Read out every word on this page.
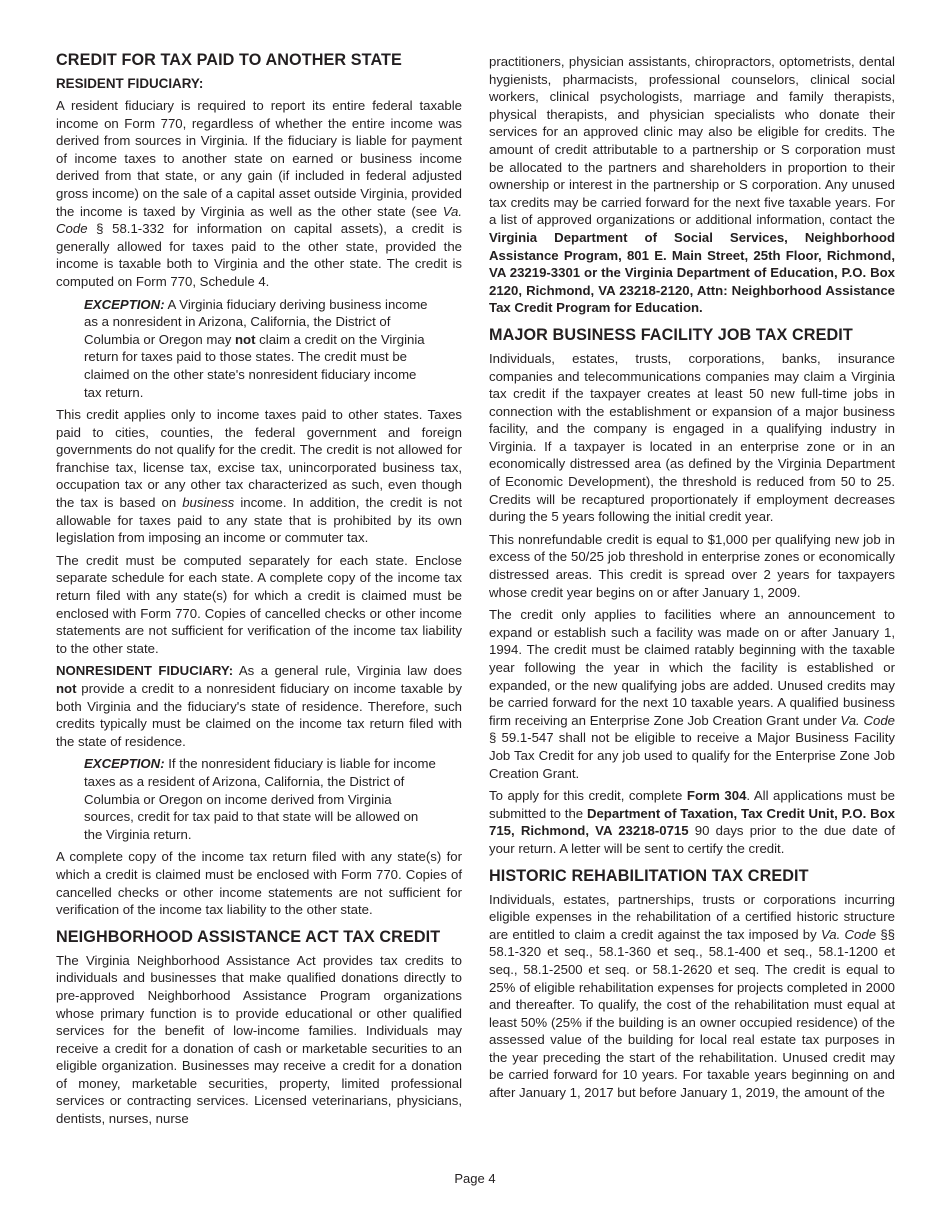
CREDIT FOR TAX PAID TO ANOTHER STATE
RESIDENT FIDUCIARY:

A resident fiduciary is required to report its entire federal taxable income on Form 770, regardless of whether the entire income was derived from sources in Virginia. If the fiduciary is liable for payment of income taxes to another state on earned or business income derived from that state, or any gain (if included in federal adjusted gross income) on the sale of a capital asset outside Virginia, provided the income is taxed by Virginia as well as the other state (see Va. Code § 58.1-332 for information on capital assets), a credit is generally allowed for taxes paid to the other state, provided the income is taxable both to Virginia and the other state. The credit is computed on Form 770, Schedule 4.

EXCEPTION: A Virginia fiduciary deriving business income as a nonresident in Arizona, California, the District of Columbia or Oregon may not claim a credit on the Virginia return for taxes paid to those states. The credit must be claimed on the other state's nonresident fiduciary income tax return.

This credit applies only to income taxes paid to other states. Taxes paid to cities, counties, the federal government and foreign governments do not qualify for the credit. The credit is not allowed for franchise tax, license tax, excise tax, unincorporated business tax, occupation tax or any other tax characterized as such, even though the tax is based on business income. In addition, the credit is not allowable for taxes paid to any state that is prohibited by its own legislation from imposing an income or commuter tax.

The credit must be computed separately for each state. Enclose separate schedule for each state. A complete copy of the income tax return filed with any state(s) for which a credit is claimed must be enclosed with Form 770. Copies of cancelled checks or other income statements are not sufficient for verification of the income tax liability to the other state.

NONRESIDENT FIDUCIARY: As a general rule, Virginia law does not provide a credit to a nonresident fiduciary on income taxable by both Virginia and the fiduciary's state of residence. Therefore, such credits typically must be claimed on the income tax return filed with the state of residence.

EXCEPTION: If the nonresident fiduciary is liable for income taxes as a resident of Arizona, California, the District of Columbia or Oregon on income derived from Virginia sources, credit for tax paid to that state will be allowed on the Virginia return.

A complete copy of the income tax return filed with any state(s) for which a credit is claimed must be enclosed with Form 770. Copies of cancelled checks or other income statements are not sufficient for verification of the income tax liability to the other state.

NEIGHBORHOOD ASSISTANCE ACT TAX CREDIT

The Virginia Neighborhood Assistance Act provides tax credits to individuals and businesses that make qualified donations directly to pre-approved Neighborhood Assistance Program organizations whose primary function is to provide educational or other qualified services for the benefit of low-income families. Individuals may receive a credit for a donation of cash or marketable securities to an eligible organization. Businesses may receive a credit for a donation of money, marketable securities, property, limited professional services or contracting services. Licensed veterinarians, physicians, dentists, nurses, nurse

practitioners, physician assistants, chiropractors, optometrists, dental hygienists, pharmacists, professional counselors, clinical social workers, clinical psychologists, marriage and family therapists, physical therapists, and physician specialists who donate their services for an approved clinic may also be eligible for credits. The amount of credit attributable to a partnership or S corporation must be allocated to the partners and shareholders in proportion to their ownership or interest in the partnership or S corporation. Any unused tax credits may be carried forward for the next five taxable years. For a list of approved organizations or additional information, contact the Virginia Department of Social Services, Neighborhood Assistance Program, 801 E. Main Street, 25th Floor, Richmond, VA 23219-3301 or the Virginia Department of Education, P.O. Box 2120, Richmond, VA 23218-2120, Attn: Neighborhood Assistance Tax Credit Program for Education.

MAJOR BUSINESS FACILITY JOB TAX CREDIT

Individuals, estates, trusts, corporations, banks, insurance companies and telecommunications companies may claim a Virginia tax credit if the taxpayer creates at least 50 new full-time jobs in connection with the establishment or expansion of a major business facility, and the company is engaged in a qualifying industry in Virginia. If a taxpayer is located in an enterprise zone or in an economically distressed area (as defined by the Virginia Department of Economic Development), the threshold is reduced from 50 to 25. Credits will be recaptured proportionately if employment decreases during the 5 years following the initial credit year.

This nonrefundable credit is equal to $1,000 per qualifying new job in excess of the 50/25 job threshold in enterprise zones or economically distressed areas. This credit is spread over 2 years for taxpayers whose credit year begins on or after January 1, 2009.

The credit only applies to facilities where an announcement to expand or establish such a facility was made on or after January 1, 1994. The credit must be claimed ratably beginning with the taxable year following the year in which the facility is established or expanded, or the new qualifying jobs are added. Unused credits may be carried forward for the next 10 taxable years. A qualified business firm receiving an Enterprise Zone Job Creation Grant under Va. Code § 59.1-547 shall not be eligible to receive a Major Business Facility Job Tax Credit for any job used to qualify for the Enterprise Zone Job Creation Grant.

To apply for this credit, complete Form 304. All applications must be submitted to the Department of Taxation, Tax Credit Unit, P.O. Box 715, Richmond, VA 23218-0715 90 days prior to the due date of your return. A letter will be sent to certify the credit.

HISTORIC REHABILITATION TAX CREDIT

Individuals, estates, partnerships, trusts or corporations incurring eligible expenses in the rehabilitation of a certified historic structure are entitled to claim a credit against the tax imposed by Va. Code §§ 58.1-320 et seq., 58.1-360 et seq., 58.1-400 et seq., 58.1-1200 et seq., 58.1-2500 et seq. or 58.1-2620 et seq. The credit is equal to 25% of eligible rehabilitation expenses for projects completed in 2000 and thereafter. To qualify, the cost of the rehabilitation must equal at least 50% (25% if the building is an owner occupied residence) of the assessed value of the building for local real estate tax purposes in the year preceding the start of the rehabilitation. Unused credit may be carried forward for 10 years. For taxable years beginning on and after January 1, 2017 but before January 1, 2019, the amount of the

Page 4
